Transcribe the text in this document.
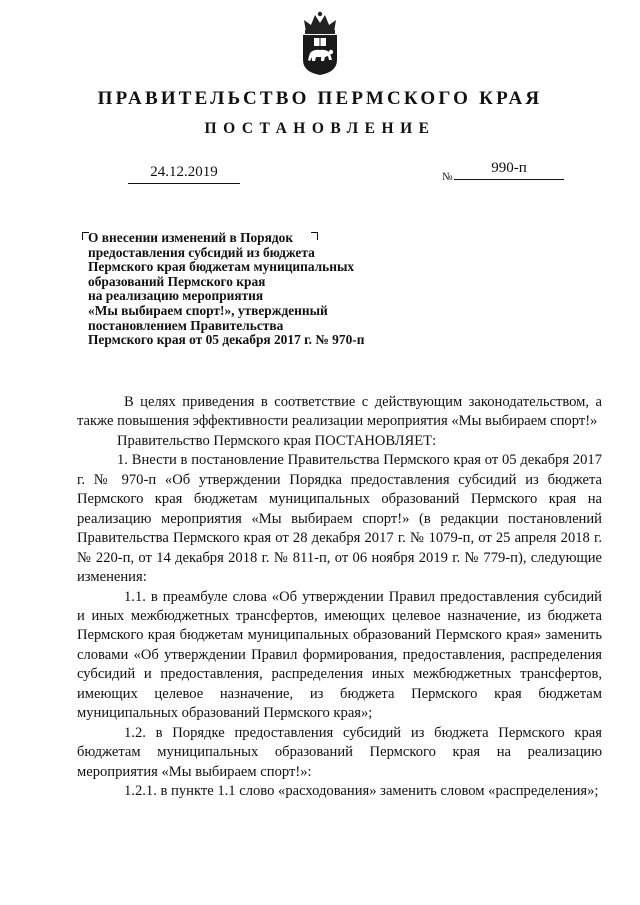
ПРАВИТЕЛЬСТВО ПЕРМСКОГО КРАЯ
ПОСТАНОВЛЕНИЕ
24.12.2019	№
990-п
О внесении изменений в Порядок
предоставления субсидий из бюджета
Пермского края бюджетам муниципальных
образований Пермского края
на реализацию мероприятия
«Мы выбираем спорт!», утвержденный
постановлением Правительства
Пермского края от 05 декабря 2017 г. № 970-п

В целях приведения в соответствие с действующим законодательством, а также повышения эффективности реализации мероприятия «Мы выбираем спорт!»

Правительство Пермского края ПОСТАНОВЛЯЕТ:

1. Внести в постановление Правительства Пермского края от 05 декабря 2017 г. № 970-п «Об утверждении Порядка предоставления субсидий из бюджета Пермского края бюджетам муниципальных образований Пермского края на реализацию мероприятия «Мы выбираем спорт!» (в редакции постановлений Правительства Пермского края от 28 декабря 2017 г. № 1079-п, от 25 апреля 2018 г. № 220-п, от 14 декабря 2018 г. № 811-п, от 06 ноября 2019 г. № 779-п), следующие изменения:

1.1. в преамбуле слова «Об утверждении Правил предоставления субсидий и иных межбюджетных трансфертов, имеющих целевое назначение, из бюджета Пермского края бюджетам муниципальных образований Пермского края» заменить словами «Об утверждении Правил формирования, предоставления, распределения субсидий и предоставления, распределения иных межбюджетных трансфертов, имеющих целевое назначение, из бюджета Пермского края бюджетам муниципальных образований Пермского края»;

1.2. в Порядке предоставления субсидий из бюджета Пермского края бюджетам муниципальных образований Пермского края на реализацию мероприятия «Мы выбираем спорт!»:

1.2.1. в пункте 1.1 слово «расходования» заменить словом «распределения»;
